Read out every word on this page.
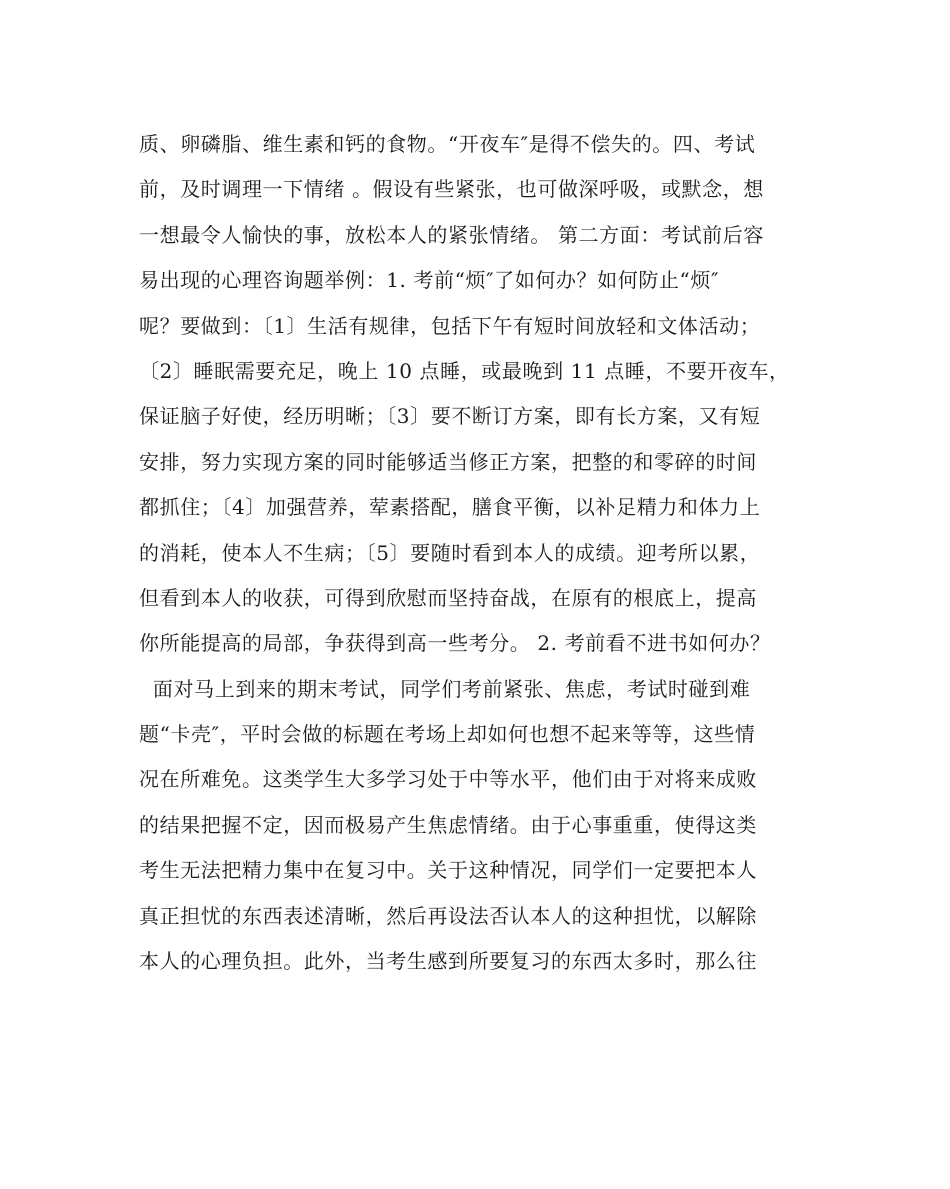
质、卵磷脂、维生素和钙的食物。“开夜车″是得不偿失的。四、考试
前，及时调理一下情绪 。假设有些紧张，也可做深呼吸，或默念，想
一想最令人愉快的事，放松本人的紧张情绪。 第二方面：考试前后容
易出现的心理咨询题举例：1. 考前“烦″了如何办？如何防止“烦″
呢？要做到：〔1〕生活有规律，包括下午有短时间放轻和文体活动；
〔2〕睡眠需要充足，晚上 10 点睡，或最晚到 11 点睡，不要开夜车，
保证脑子好使，经历明晰；〔3〕要不断订方案，即有长方案，又有短
安排，努力实现方案的同时能够适当修正方案，把整的和零碎的时间
都抓住；〔4〕加强营养，荤素搭配，膳食平衡，以补足精力和体力上
的消耗，使本人不生病；〔5〕要随时看到本人的成绩。迎考所以累，
但看到本人的收获，可得到欣慰而坚持奋战，在原有的根底上，提高
你所能提高的局部，争获得到高一些考分。 2. 考前看不进书如何办？
面对马上到来的期末考试，同学们考前紧张、焦虑，考试时碰到难
题“卡壳″，平时会做的标题在考场上却如何也想不起来等等，这些情
况在所难免。这类学生大多学习处于中等水平，他们由于对将来成败
的结果把握不定，因而极易产生焦虑情绪。由于心事重重，使得这类
考生无法把精力集中在复习中。关于这种情况，同学们一定要把本人
真正担忧的东西表述清晰，然后再设法否认本人的这种担忧，以解除
本人的心理负担。此外，当考生感到所要复习的东西太多时，那么往
